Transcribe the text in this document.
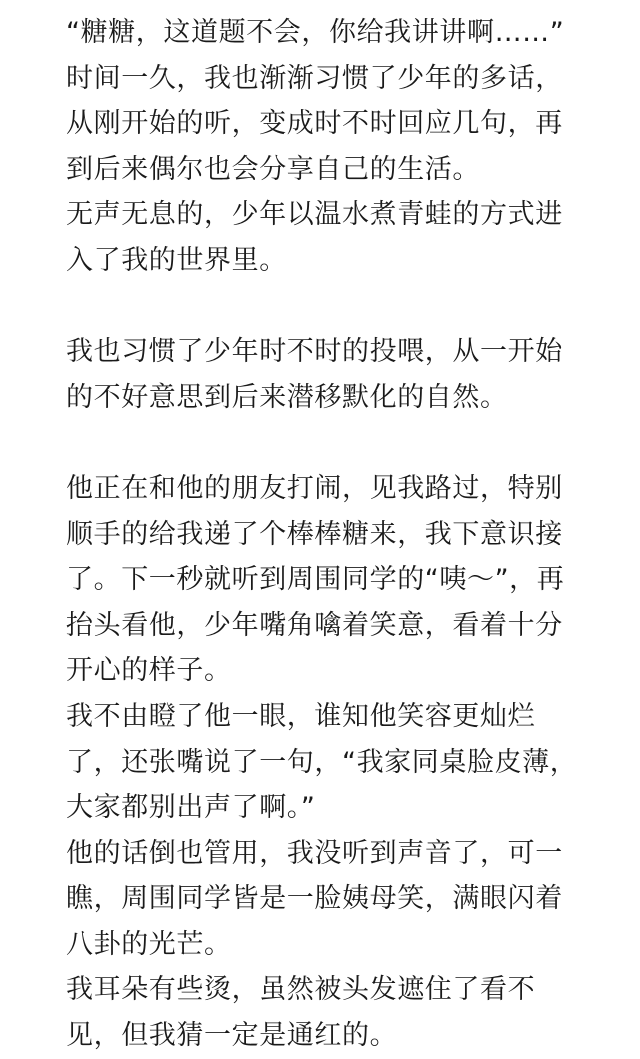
“糖糖，这道题不会，你给我讲讲啊……”
时间一久，我也渐渐习惯了少年的多话，
从刚开始的听，变成时不时回应几句，再
到后来偶尔也会分享自己的生活。
无声无息的，少年以温水煮青蛙的方式进
入了我的世界里。
我也习惯了少年时不时的投喂，从一开始
的不好意思到后来潜移默化的自然。
他正在和他的朋友打闹，见我路过，特别
顺手的给我递了个棒棒糖来，我下意识接
了。下一秒就听到周围同学的“咦～”，再
抬头看他，少年嘴角噙着笑意，看着十分
开心的样子。
我不由瞪了他一眼，谁知他笑容更灿烂
了，还张嘴说了一句，“我家同桌脸皮薄，
大家都别出声了啊。”
他的话倒也管用，我没听到声音了，可一
瞧，周围同学皆是一脸姨母笑，满眼闪着
八卦的光芒。
我耳朵有些烫，虽然被头发遮住了看不
见，但我猜一定是通红的。
